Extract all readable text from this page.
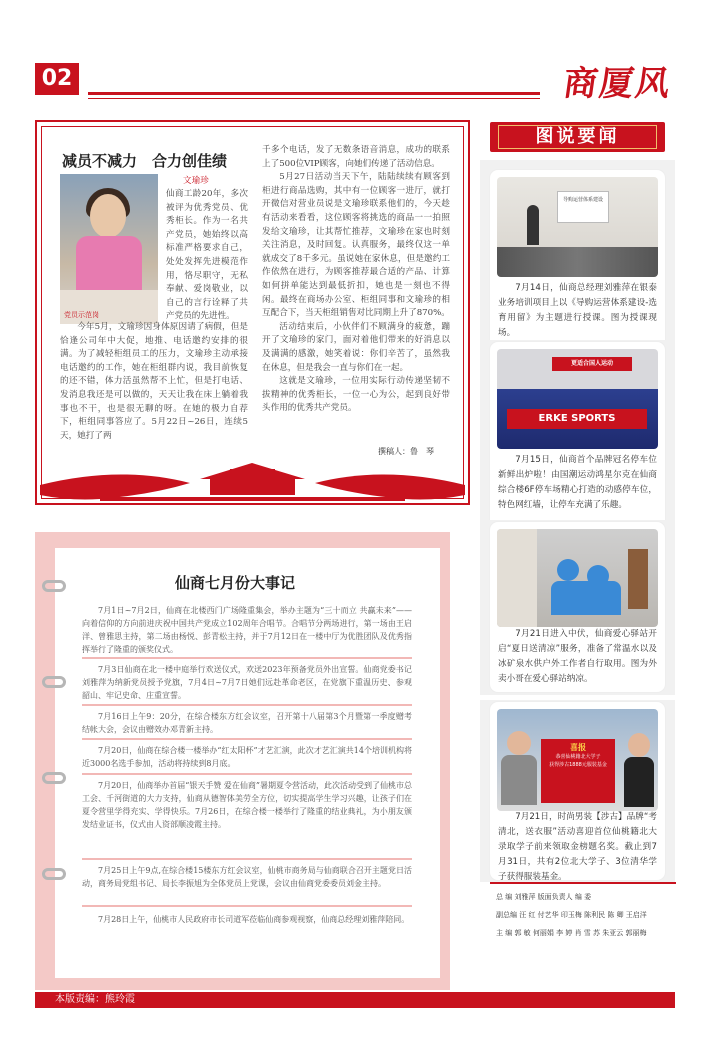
02	商厦风
减员不减力　合力创佳绩
党员示范岗
文瑜珍
仙商工龄20年，多次被评为优秀党员、优秀柜长。作为一名共产党员，她始终以高标准严格要求自己，处处发挥先进模范作用，恪尽职守，无私奉献、爱岗敬业，以自己的言行诠释了共产党员的先进性。

今年5月，文瑜珍因身体原因请了病假，但是恰逢公司年中大促，地推、电话邀约安排的很满。为了减轻柜组员工的压力，文瑜珍主动承接电话邀约的工作，她在柜组群内说，我目前恢复的还不错，体力活虽然帮不上忙，但是打电话、发消息我还是可以做的，天天让我在床上躺着我事也不干，也是很无聊的呀。在她的极力自荐下，柜组同事答应了。5月22日~26日，连续5天，她打了两

千多个电话，发了无数条语音消息，成功的联系上了500位VIP顾客，向她们传递了活动信息。

5月27日活动当天下午，陆陆续续有顾客到柜进行商品选购，其中有一位顾客一进厅，就打开微信对营业员说是文瑜珍联系他们的，今天趁有活动来看看，这位顾客将挑选的商品一一拍照发给文瑜珍，让其帮忙推荐，文瑜珍在家也时刻关注消息，及时回复。认真服务，最终仅这一单就成交了8千多元。虽说她在家休息，但是邀约工作依然在进行，为顾客推荐最合适的产品、计算如何拼单能达到最低折扣，她也是一刻也不得闲。最终在商场办公室、柜组同事和文瑜珍的相互配合下，当天柜组销售对比同期上升了870%。

活动结束后，小伙伴们不顾满身的疲惫，蹦开了文瑜珍的家门，面对着他们带来的好消息以及满满的感激，她笑着说：你们辛苦了，虽然我在休息，但是我会一直与你们在一起。

这就是文瑜珍，一位用实际行动传递坚韧不拔精神的优秀柜长，一位一心为公，起到良好带头作用的优秀共产党员。

撰稿人：鲁　琴
仙商七月份大事记
7月1日~7月2日，仙商在北楼西门广场隆重集会，举办主题为“三十而立 共赢未来”——向着信仰的方向前进庆祝中国共产党成立102周年合唱节。合唱节分两场进行，第一场由王启洋、曾雅思主持，第二场由杨悦、彭青松主持，并于7月12日在一楼中厅为优胜团队及优秀指挥举行了隆重的颁奖仪式。
7月3日仙商在北一楼中庭举行欢送仪式，欢送2023年预备党员外出宣誓。仙商党委书记刘雅萍为纳新党员授予党旗，7月4日~7月7日她们远赴革命老区，在党旗下重温历史、参观韶山、牢记史命、庄重宣誓。
7月16日上午9：20分，在综合楼东方红会议室，召开第十八届第3个月暨第一季度赠考结帐大会，会议由赠效办邓青新主持。
7月20日，仙商在综合楼一楼举办“红太阳杯”才艺汇演，此次才艺汇演共14个培训机构将近3000名选手参加，活动将持续到8月底。
7月20日，仙商举办首届“银天手赞 爱在仙商”暑期夏令营活动，此次活动受到了仙桃市总工会、千河街道的大力支持，仙商从德智体美劳全方位，切实提高学生学习兴趣，让孩子们在夏令营里学得充实、学得快乐。7月26日，在综合楼一楼举行了隆重的结业典礼，为小朋友颁发结业证书，仪式由人资部顺凌霞主持。
7月25日上午9点,在综合楼15楼东方红会议室，仙桃市商务局与仙商联合召开主题党日活动，商务局党组书记、局长李振旭为全体党员上党课，会议由仙商党委委员刘金主持。
7月28日上午，仙桃市人民政府市长司道军莅临仙商参观视察，仙商总经理刘雅萍陪同。
图说要闻
导购运营体系建设
7月14日，仙商总经理刘雅萍在银泰业务培训项目上以《导购运营体系建设-选育用留》为主题进行授课。图为授课现场。
更适合国人运动
ERKE SPORTS
7月15日，仙商首个品牌冠名停车位新鲜出炉啦！由国潮运动鸿星尔克在仙商综合楼6F停车场精心打造的动感停车位，特色网红墙，让停车充满了乐趣。
7月21日进入中伏，仙商爱心驿站开启“夏日送清凉”服务，准备了常温水以及冰矿泉水供户外工作者自行取用。图为外卖小哥在爱心驿站纳凉。
喜报
恭喜仙桃籍北大学子
获得涉古1888元服装基金
7月21日，时尚男装【涉古】品牌“考清北，送衣服”活动喜迎首位仙桃籍北大录取学子前来领取金榜题名奖。截止到7月31日，共有2位北大学子、3位清华学子获得服装基金。
总 编 刘雅萍 版面负责人 编 委
副总编 汪 红 付艺华 印玉梅 陈利民 陈 卿 王启洋
主 编 郭 敏 何丽娟 李 婷 肖 雪 苏 朱亚云 郭丽梅
本版责编：熊玲霞
